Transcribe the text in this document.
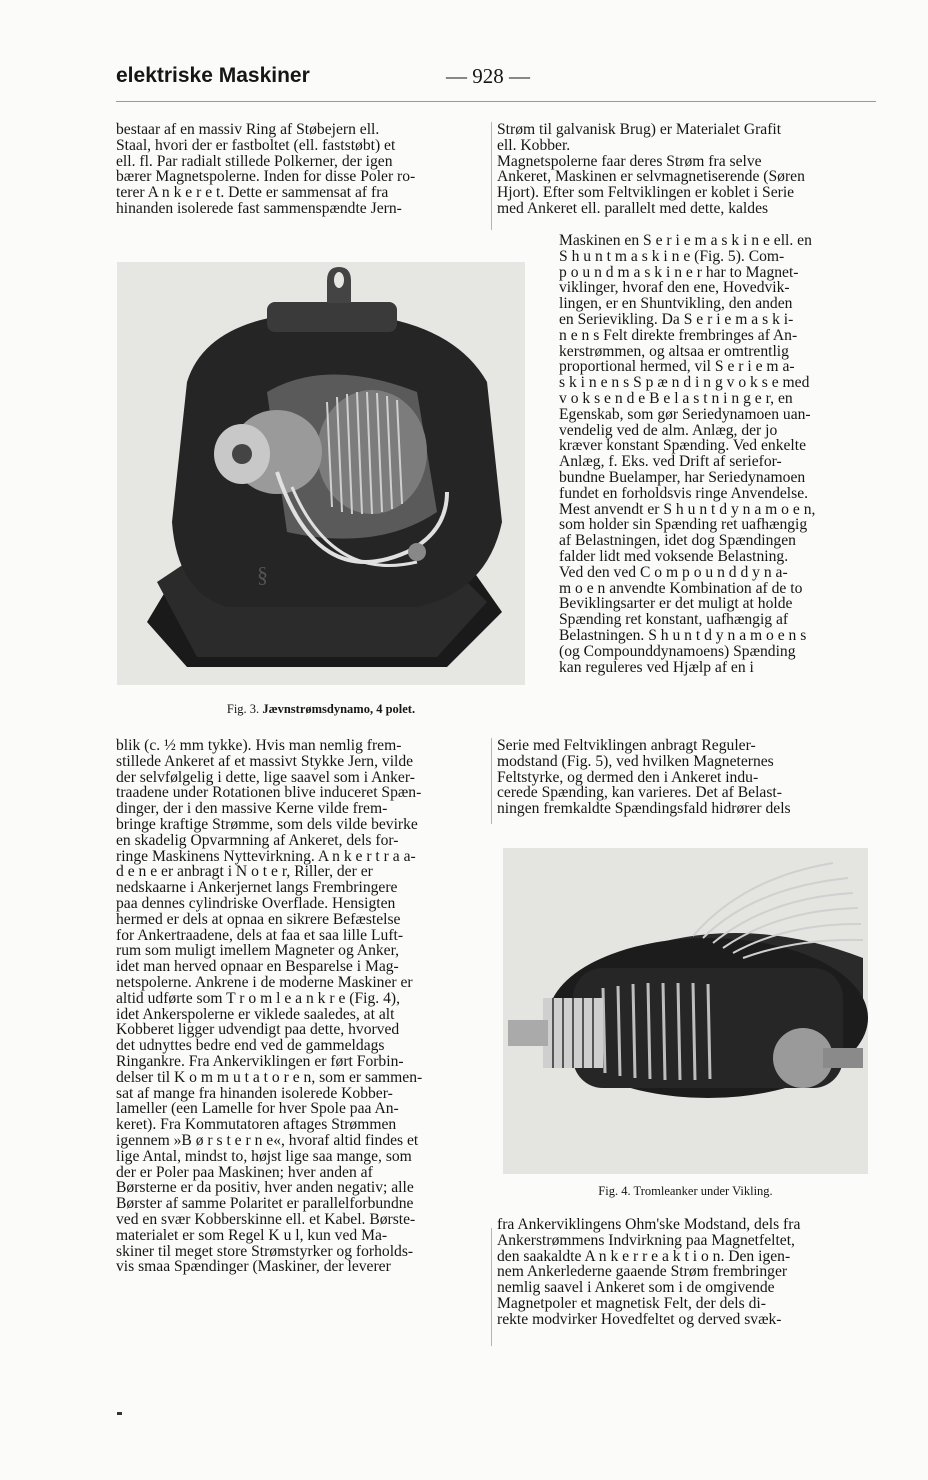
elektriske Maskiner	— 928 —
bestaar af en massiv Ring af Støbejern ell.
Staal, hvori der er fastboltet (ell. faststøbt) et
ell. fl. Par radialt stillede Polkerner, der igen
bærer Magnetspolerne. Inden for disse Poler ro-
terer A n k e r e t. Dette er sammensat af fra
hinanden isolerede fast sammenspændte Jern-
§
Fig. 3. Jævnstrømsdynamo, 4 polet.
blik (c. ½ mm tykke). Hvis man nemlig frem-
stillede Ankeret af et massivt Stykke Jern, vilde
der selvfølgelig i dette, lige saavel som i Anker-
traadene under Rotationen blive induceret Spæn-
dinger, der i den massive Kerne vilde frem-
bringe kraftige Strømme, som dels vilde bevirke
en skadelig Opvarmning af Ankeret, dels for-
ringe Maskinens Nyttevirkning. A n k e r t r a a-
d e n e er anbragt i N o t e r, Riller, der er
nedskaarne i Ankerjernet langs Frembringere
paa dennes cylindriske Overflade. Hensigten
hermed er dels at opnaa en sikrere Befæstelse
for Ankertraadene, dels at faa et saa lille Luft-
rum som muligt imellem Magneter og Anker,
idet man herved opnaar en Besparelse i Mag-
netspolerne. Ankrene i de moderne Maskiner er
altid udførte som T r o m l e a n k r e (Fig. 4),
idet Ankerspolerne er viklede saaledes, at alt
Kobberet ligger udvendigt paa dette, hvorved
det udnyttes bedre end ved de gammeldags
Ringankre. Fra Ankerviklingen er ført Forbin-
delser til K o m m u t a t o r e n, som er sammen-
sat af mange fra hinanden isolerede Kobber-
lameller (een Lamelle for hver Spole paa An-
keret). Fra Kommutatoren aftages Strømmen
igennem »B ø r s t e r n e«, hvoraf altid findes et
lige Antal, mindst to, højst lige saa mange, som
der er Poler paa Maskinen; hver anden af
Børsterne er da positiv, hver anden negativ; alle
Børster af samme Polaritet er parallelforbundne
ved en svær Kobberskinne ell. et Kabel. Børste-
materialet er som Regel K u l, kun ved Ma-
skiner til meget store Strømstyrker og forholds-
vis smaa Spændinger (Maskiner, der leverer
Strøm til galvanisk Brug) er Materialet Grafit
ell. Kobber.
Magnetspolerne faar deres Strøm fra selve
Ankeret, Maskinen er selvmagnetiserende (Søren
Hjort). Efter som Feltviklingen er koblet i Serie
med Ankeret ell. parallelt med dette, kaldes
Maskinen en S e r i e m a s k i n e ell. en
S h u n t m a s k i n e (Fig. 5). Com-
p o u n d m a s k i n e r har to Magnet-
viklinger, hvoraf den ene, Hovedvik-
lingen, er en Shuntvikling, den anden
en Serievikling. Da S e r i e m a s k i-
n e n s Felt direkte frembringes af An-
kerstrømmen, og altsaa er omtrentlig
proportional hermed, vil S e r i e m a-
s k i n e n s S p æ n d i n g v o k s e med
v o k s e n d e B e l a s t n i n g e r, en
Egenskab, som gør Seriedynamoen uan-
vendelig ved de alm. Anlæg, der jo
kræver konstant Spænding. Ved enkelte
Anlæg, f. Eks. ved Drift af seriefor-
bundne Buelamper, har Seriedynamoen
fundet en forholdsvis ringe Anvendelse.
Mest anvendt er S h u n t d y n a m o e n,
som holder sin Spænding ret uafhængig
af Belastningen, idet dog Spændingen
falder lidt med voksende Belastning.
Ved den ved C o m p o u n d d y n a-
m o e n anvendte Kombination af de to
Beviklingsarter er det muligt at holde
Spænding ret konstant, uafhængig af
Belastningen. S h u n t d y n a m o e n s
(og Compounddynamoens) Spænding
kan reguleres ved Hjælp af en i
Serie med Feltviklingen anbragt Reguler-
modstand (Fig. 5), ved hvilken Magneternes
Feltstyrke, og dermed den i Ankeret indu-
cerede Spænding, kan varieres. Det af Belast-
ningen fremkaldte Spændingsfald hidrører dels
Fig. 4. Tromleanker under Vikling.
fra Ankerviklingens Ohm'ske Modstand, dels fra
Ankerstrømmens Indvirkning paa Magnetfeltet,
den saakaldte A n k e r r e a k t i o n. Den igen-
nem Ankerlederne gaaende Strøm frembringer
nemlig saavel i Ankeret som i de omgivende
Magnetpoler et magnetisk Felt, der dels di-
rekte modvirker Hovedfeltet og derved svæk-
